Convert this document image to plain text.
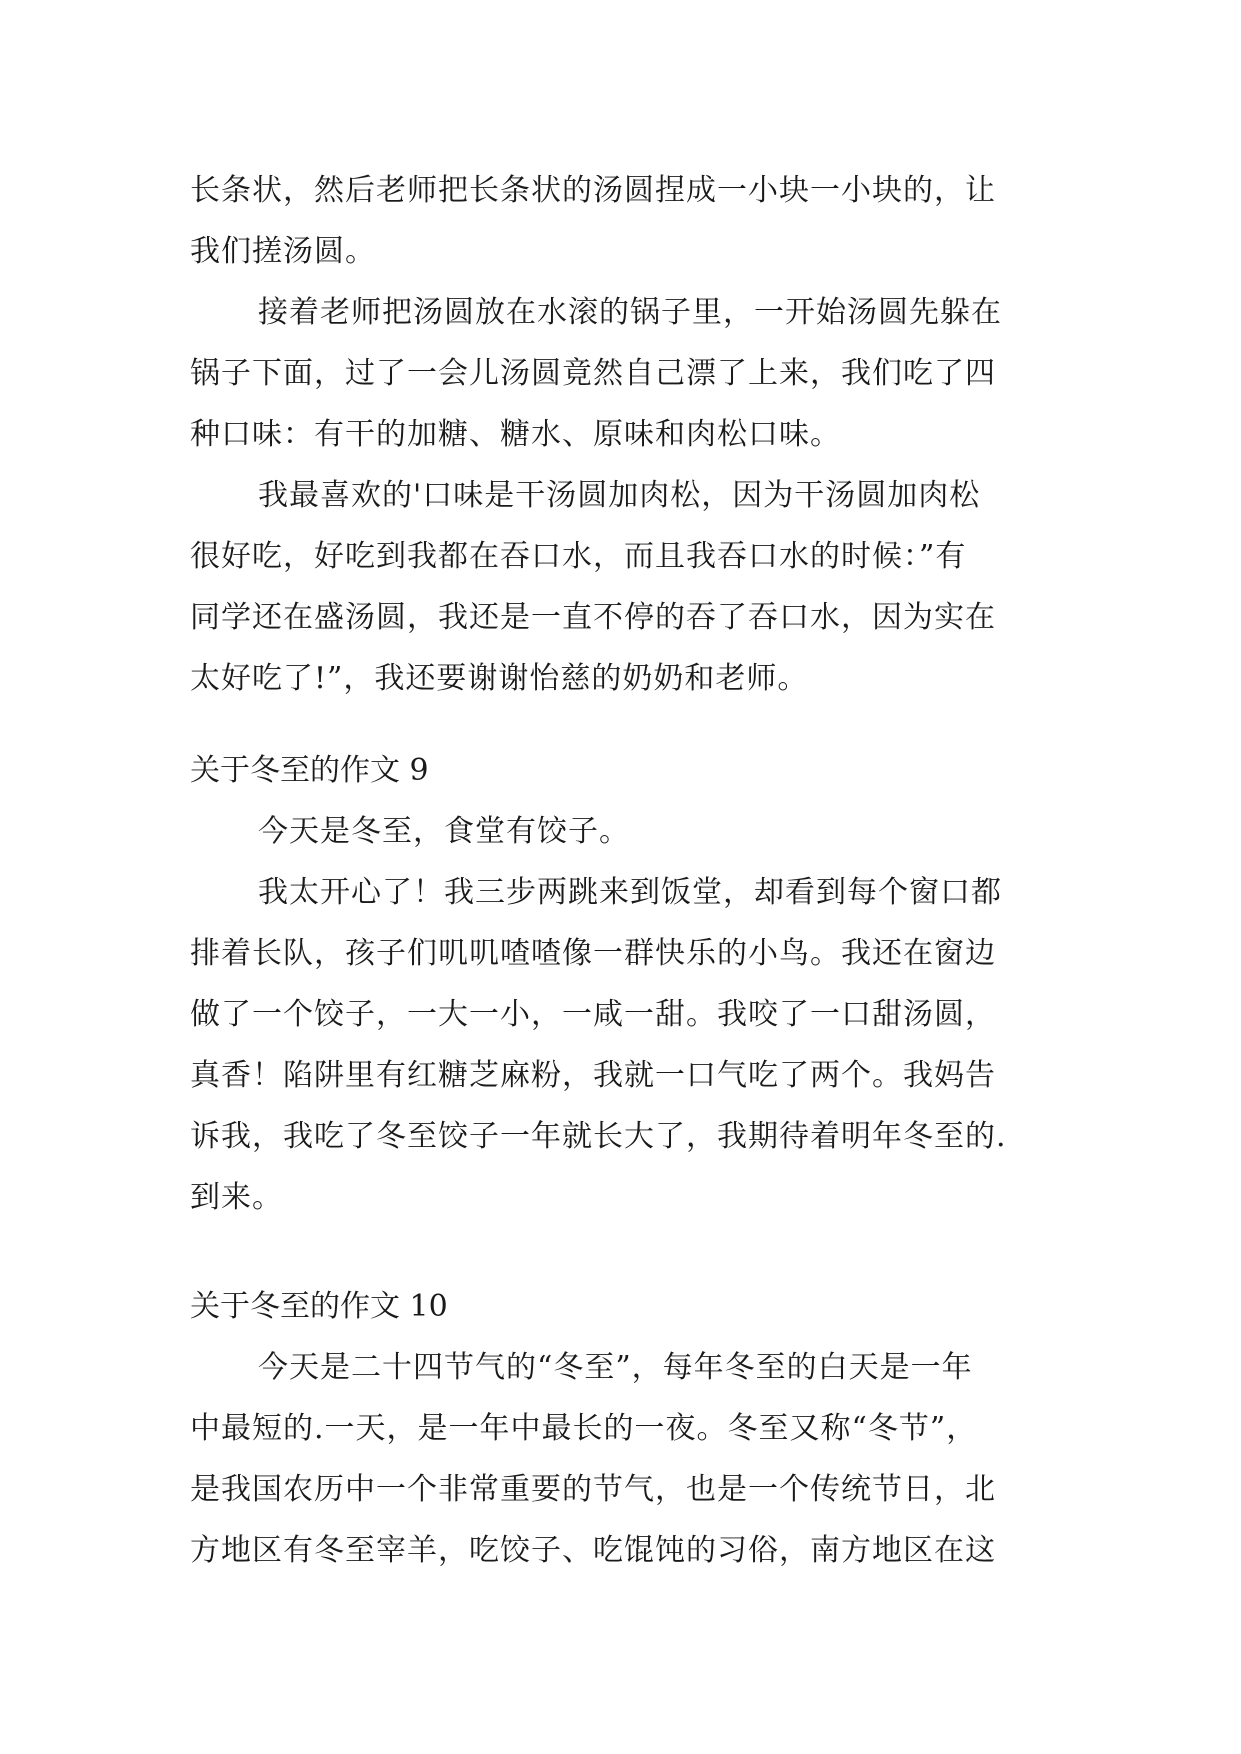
长条状，然后老师把长条状的汤圆捏成一小块一小块的，让
我们搓汤圆。
接着老师把汤圆放在水滚的锅子里，一开始汤圆先躲在
锅子下面，过了一会儿汤圆竟然自己漂了上来，我们吃了四
种口味：有干的加糖、糖水、原味和肉松口味。
我最喜欢的'口味是干汤圆加肉松，因为干汤圆加肉松
很好吃，好吃到我都在吞口水，而且我吞口水的时候：”有
同学还在盛汤圆，我还是一直不停的吞了吞口水，因为实在
太好吃了!”，我还要谢谢怡慈的奶奶和老师。
关于冬至的作文 9
今天是冬至，食堂有饺子。
我太开心了！我三步两跳来到饭堂，却看到每个窗口都
排着长队，孩子们叽叽喳喳像一群快乐的小鸟。我还在窗边
做了一个饺子，一大一小，一咸一甜。我咬了一口甜汤圆，
真香！陷阱里有红糖芝麻粉，我就一口气吃了两个。我妈告
诉我，我吃了冬至饺子一年就长大了，我期待着明年冬至的.
到来。
关于冬至的作文 10
今天是二十四节气的“冬至”，每年冬至的白天是一年
中最短的.一天，是一年中最长的一夜。冬至又称“冬节”，
是我国农历中一个非常重要的节气，也是一个传统节日，北
方地区有冬至宰羊，吃饺子、吃馄饨的习俗，南方地区在这
